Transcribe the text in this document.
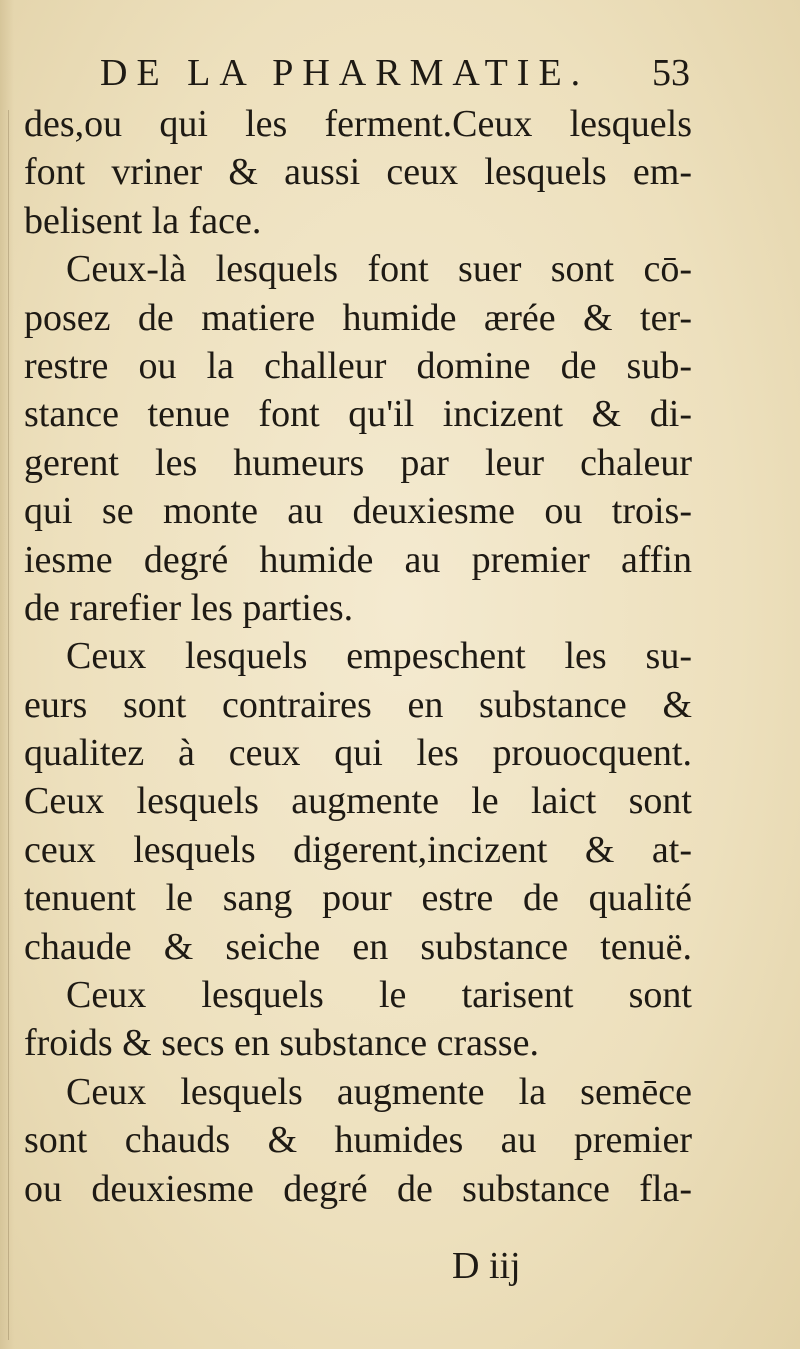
DE LA PHARMATIE. 53
des,ou qui les ferment.Ceux lesquels
font vriner & aussi ceux lesquels em-
belisent la face.
Ceux-là lesquels font suer sont cō-
posez de matiere humide ærée & ter-
restre ou la challeur domine de sub-
stance tenue font qu'il incizent & di-
gerent les humeurs par leur chaleur
qui se monte au deuxiesme ou trois-
iesme degré humide au premier affin
de rarefier les parties.
Ceux lesquels empeschent les su-
eurs sont contraires en substance &
qualitez à ceux qui les prouocquent.
Ceux lesquels augmente le laict sont
ceux lesquels digerent,incizent & at-
tenuent le sang pour estre de qualité
chaude & seiche en substance tenuë.
Ceux lesquels le tarisent sont
froids & secs en substance crasse.
Ceux lesquels augmente la semēce
sont chauds & humides au premier
ou deuxiesme degré de substance fla-
D iij
